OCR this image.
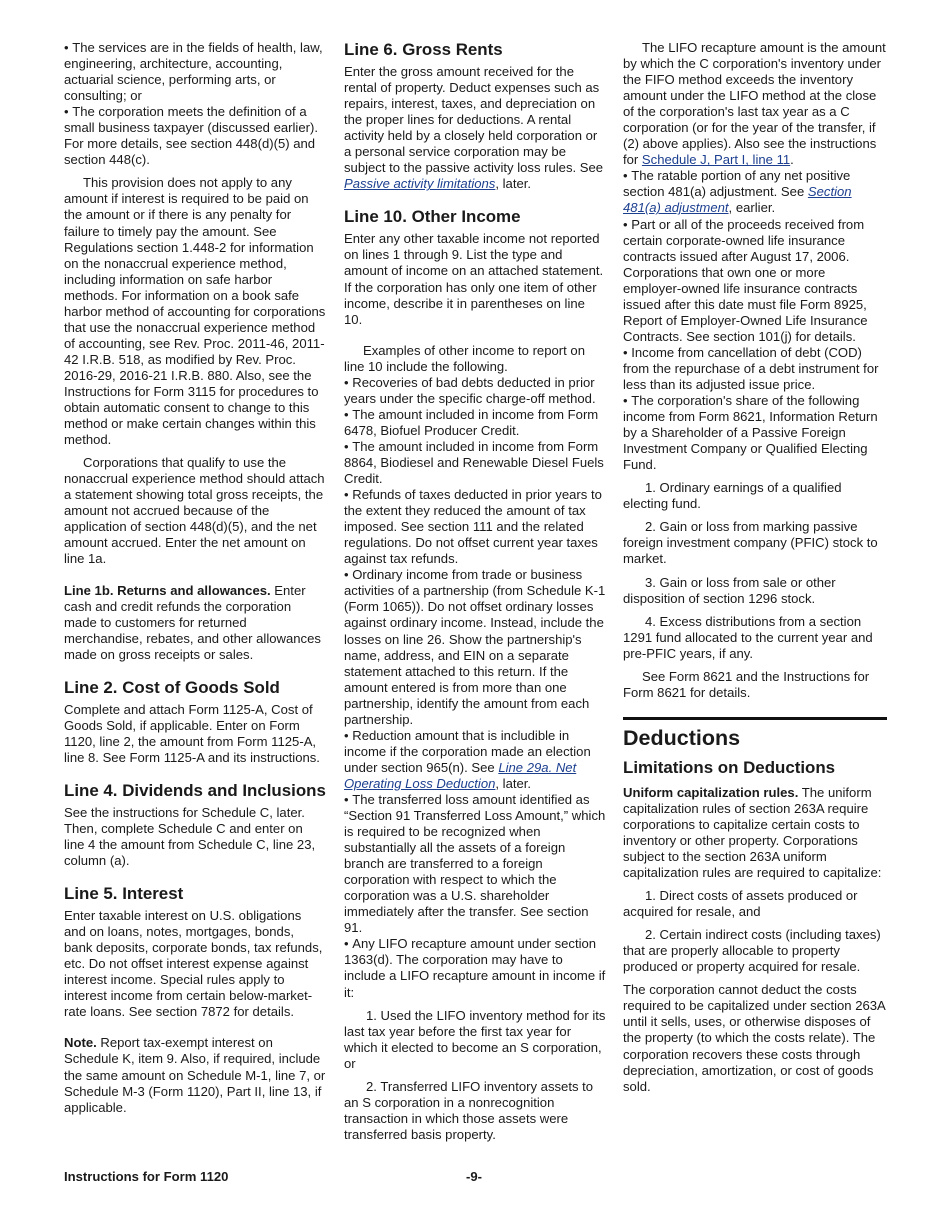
• The services are in the fields of health, law, engineering, architecture, accounting, actuarial science, performing arts, or consulting; or

• The corporation meets the definition of a small business taxpayer (discussed earlier). For more details, see section 448(d)(5) and section 448(c).

This provision does not apply to any amount if interest is required to be paid on the amount or if there is any penalty for failure to timely pay the amount. See Regulations section 1.448-2 for information on the nonaccrual experience method, including information on safe harbor methods. For information on a book safe harbor method of accounting for corporations that use the nonaccrual experience method of accounting, see Rev. Proc. 2011-46, 2011-42 I.R.B. 518, as modified by Rev. Proc. 2016-29, 2016-21 I.R.B. 880. Also, see the Instructions for Form 3115 for procedures to obtain automatic consent to change to this method or make certain changes within this method.

Corporations that qualify to use the nonaccrual experience method should attach a statement showing total gross receipts, the amount not accrued because of the application of section 448(d)(5), and the net amount accrued. Enter the net amount on line 1a.

Line 1b. Returns and allowances. Enter cash and credit refunds the corporation made to customers for returned merchandise, rebates, and other allowances made on gross receipts or sales.

Line 2. Cost of Goods Sold

Complete and attach Form 1125-A, Cost of Goods Sold, if applicable. Enter on Form 1120, line 2, the amount from Form 1125-A, line 8. See Form 1125-A and its instructions.

Line 4. Dividends and Inclusions

See the instructions for Schedule C, later. Then, complete Schedule C and enter on line 4 the amount from Schedule C, line 23, column (a).

Line 5. Interest

Enter taxable interest on U.S. obligations and on loans, notes, mortgages, bonds, bank deposits, corporate bonds, tax refunds, etc. Do not offset interest expense against interest income. Special rules apply to interest income from certain below-market-rate loans. See section 7872 for details.

Note. Report tax-exempt interest on Schedule K, item 9. Also, if required, include the same amount on Schedule M-1, line 7, or Schedule M-3 (Form 1120), Part II, line 13, if applicable.

Line 6. Gross Rents

Enter the gross amount received for the rental of property. Deduct expenses such as repairs, interest, taxes, and depreciation on the proper lines for deductions. A rental activity held by a closely held corporation or a personal service corporation may be subject to the passive activity loss rules. See Passive activity limitations, later.

Line 10. Other Income

Enter any other taxable income not reported on lines 1 through 9. List the type and amount of income on an attached statement. If the corporation has only one item of other income, describe it in parentheses on line 10.

Examples of other income to report on line 10 include the following.

• Recoveries of bad debts deducted in prior years under the specific charge-off method.

• The amount included in income from Form 6478, Biofuel Producer Credit.

• The amount included in income from Form 8864, Biodiesel and Renewable Diesel Fuels Credit.

• Refunds of taxes deducted in prior years to the extent they reduced the amount of tax imposed. See section 111 and the related regulations. Do not offset current year taxes against tax refunds.

• Ordinary income from trade or business activities of a partnership (from Schedule K-1 (Form 1065)). Do not offset ordinary losses against ordinary income. Instead, include the losses on line 26. Show the partnership's name, address, and EIN on a separate statement attached to this return. If the amount entered is from more than one partnership, identify the amount from each partnership.

• Reduction amount that is includible in income if the corporation made an election under section 965(n). See Line 29a. Net Operating Loss Deduction, later.

• The transferred loss amount identified as “Section 91 Transferred Loss Amount,” which is required to be recognized when substantially all the assets of a foreign branch are transferred to a foreign corporation with respect to which the corporation was a U.S. shareholder immediately after the transfer. See section 91.

• Any LIFO recapture amount under section 1363(d). The corporation may have to include a LIFO recapture amount in income if it:

1. Used the LIFO inventory method for its last tax year before the first tax year for which it elected to become an S corporation, or

2. Transferred LIFO inventory assets to an S corporation in a nonrecognition transaction in which those assets were transferred basis property.

The LIFO recapture amount is the amount by which the C corporation's inventory under the FIFO method exceeds the inventory amount under the LIFO method at the close of the corporation's last tax year as a C corporation (or for the year of the transfer, if (2) above applies). Also see the instructions for Schedule J, Part I, line 11.

• The ratable portion of any net positive section 481(a) adjustment. See Section 481(a) adjustment, earlier.

• Part or all of the proceeds received from certain corporate-owned life insurance contracts issued after August 17, 2006. Corporations that own one or more employer-owned life insurance contracts issued after this date must file Form 8925, Report of Employer-Owned Life Insurance Contracts. See section 101(j) for details.

• Income from cancellation of debt (COD) from the repurchase of a debt instrument for less than its adjusted issue price.

• The corporation's share of the following income from Form 8621, Information Return by a Shareholder of a Passive Foreign Investment Company or Qualified Electing Fund.

1. Ordinary earnings of a qualified electing fund.

2. Gain or loss from marking passive foreign investment company (PFIC) stock to market.

3. Gain or loss from sale or other disposition of section 1296 stock.

4. Excess distributions from a section 1291 fund allocated to the current year and pre-PFIC years, if any.

See Form 8621 and the Instructions for Form 8621 for details.

Deductions
Limitations on Deductions

Uniform capitalization rules. The uniform capitalization rules of section 263A require corporations to capitalize certain costs to inventory or other property. Corporations subject to the section 263A uniform capitalization rules are required to capitalize:

1. Direct costs of assets produced or acquired for resale, and

2. Certain indirect costs (including taxes) that are properly allocable to property produced or property acquired for resale.

The corporation cannot deduct the costs required to be capitalized under section 263A until it sells, uses, or otherwise disposes of the property (to which the costs relate). The corporation recovers these costs through depreciation, amortization, or cost of goods sold.

Instructions for Form 1120	-9-
